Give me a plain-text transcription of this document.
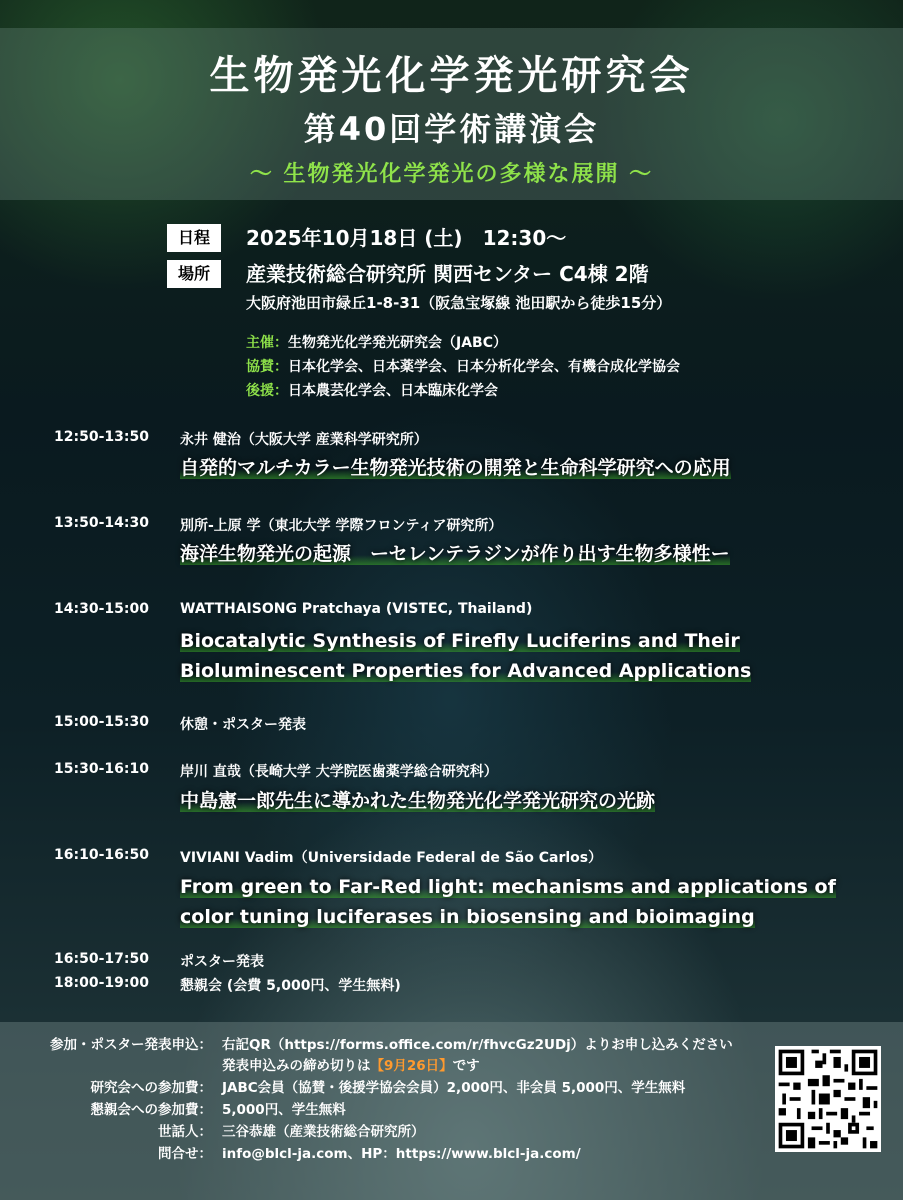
生物発光化学発光研究会
第40回学術講演会
〜 生物発光化学発光の多様な展開 〜
日程	2025年10月18日 (土)　12:30〜
場所	産業技術総合研究所 関西センター C4棟 2階
大阪府池田市緑丘1-8-31（阪急宝塚線 池田駅から徒歩15分）
主催：生物発光化学発光研究会（JABC）
協賛：日本化学会、日本薬学会、日本分析化学会、有機合成化学協会
後援：日本農芸化学会、日本臨床化学会
12:50-13:50	永井 健治（大阪大学 産業科学研究所）
自発的マルチカラー生物発光技術の開発と生命科学研究への応用
13:50-14:30	別所-上原 学（東北大学 学際フロンティア研究所）
海洋生物発光の起源　ーセレンテラジンが作り出す生物多様性ー
14:30-15:00	WATTHAISONG Pratchaya (VISTEC, Thailand)
Biocatalytic Synthesis of Firefly Luciferins and Their
Bioluminescent Properties for Advanced Applications
15:00-15:30	休憩・ポスター発表
15:30-16:10	岸川 直哉（長崎大学 大学院医歯薬学総合研究科）
中島憲一郎先生に導かれた生物発光化学発光研究の光跡
16:10-16:50	VIVIANI Vadim（Universidade Federal de São Carlos）
From green to Far-Red light: mechanisms and applications of
color tuning luciferases in biosensing and bioimaging
16:50-17:50	ポスター発表
18:00-19:00	懇親会 (会費 5,000円、学生無料)
参加・ポスター発表申込： 右記QR（https://forms.office.com/r/fhvcGz2UDj）よりお申し込みください
発表申込みの締め切りは【9月26日】です
研究会への参加費： JABC会員（協賛・後援学協会会員）2,000円、非会員 5,000円、学生無料
懇親会への参加費： 5,000円、学生無料
世話人： 三谷恭雄（産業技術総合研究所）
問合せ： info@blcl-ja.com、HP：https://www.blcl-ja.com/
